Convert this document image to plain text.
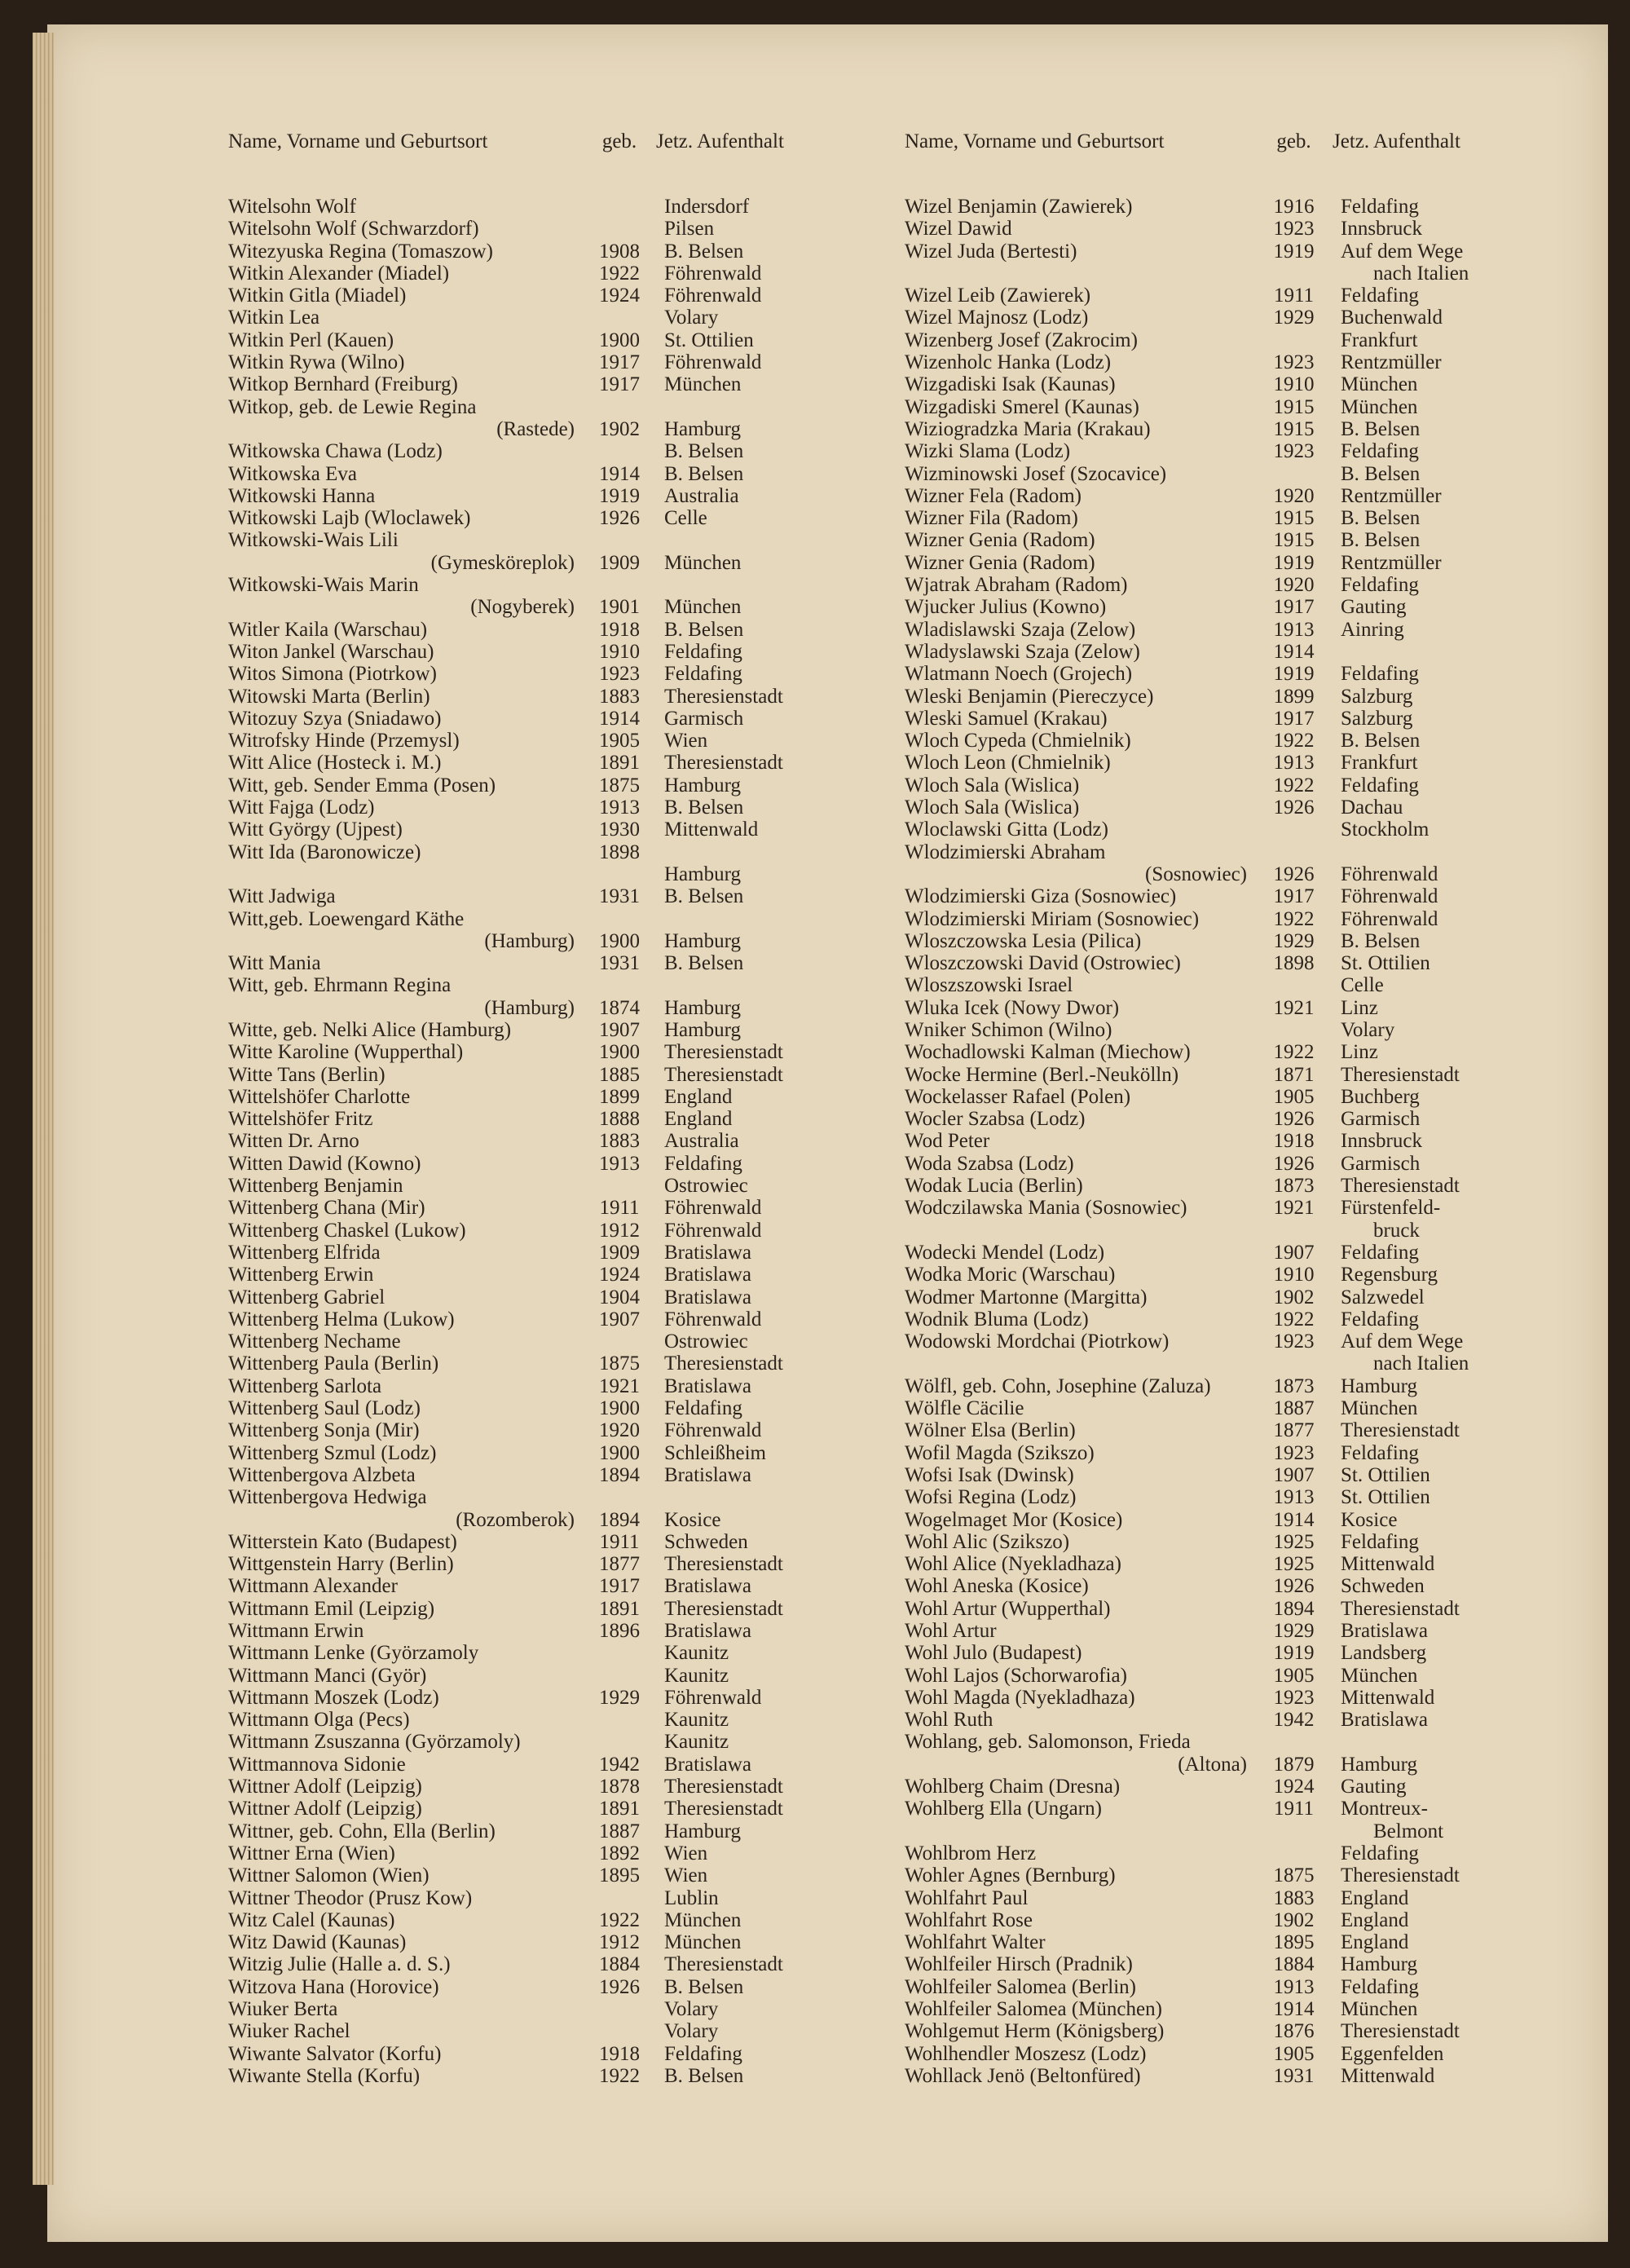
Name, Vorname und Geburtsort	geb. Jetz. Aufenthalt
Witelsohn Wolf	Indersdorf
Witelsohn Wolf (Schwarzdorf)	Pilsen
Witezyuska Regina (Tomaszow)	1908	B. Belsen
Witkin Alexander (Miadel)	1922	Föhrenwald
Witkin Gitla (Miadel)	1924	Föhrenwald
Witkin Lea	Volary
Witkin Perl (Kauen)	1900	St. Ottilien
Witkin Rywa (Wilno)	1917	Föhrenwald
Witkop Bernhard (Freiburg)	1917	München
Witkop, geb. de Lewie Regina
(Rastede)	1902	Hamburg
Witkowska Chawa (Lodz)	B. Belsen
Witkowska Eva	1914	B. Belsen
Witkowski Hanna	1919	Australia
Witkowski Lajb (Wloclawek)	1926	Celle
Witkowski-Wais Lili
(Gymesköreplok)	1909	München
Witkowski-Wais Marin
(Nogyberek)	1901	München
Witler Kaila (Warschau)	1918	B. Belsen
Witon Jankel (Warschau)	1910	Feldafing
Witos Simona (Piotrkow)	1923	Feldafing
Witowski Marta (Berlin)	1883	Theresienstadt
Witozuy Szya (Sniadawo)	1914	Garmisch
Witrofsky Hinde (Przemysl)	1905	Wien
Witt Alice (Hosteck i. M.)	1891	Theresienstadt
Witt, geb. Sender Emma (Posen)	1875	Hamburg
Witt Fajga (Lodz)	1913	B. Belsen
Witt György (Ujpest)	1930	Mittenwald
Witt Ida (Baronowicze)	1898
Hamburg
Witt Jadwiga	1931	B. Belsen
Witt,geb. Loewengard Käthe
(Hamburg)	1900	Hamburg
Witt Mania	1931	B. Belsen
Witt, geb. Ehrmann Regina
(Hamburg)	1874	Hamburg
Witte, geb. Nelki Alice (Hamburg)	1907	Hamburg
Witte Karoline (Wupperthal)	1900	Theresienstadt
Witte Tans (Berlin)	1885	Theresienstadt
Wittelshöfer Charlotte	1899	England
Wittelshöfer Fritz	1888	England
Witten Dr. Arno	1883	Australia
Witten Dawid (Kowno)	1913	Feldafing
Wittenberg Benjamin	Ostrowiec
Wittenberg Chana (Mir)	1911	Föhrenwald
Wittenberg Chaskel (Lukow)	1912	Föhrenwald
Wittenberg Elfrida	1909	Bratislawa
Wittenberg Erwin	1924	Bratislawa
Wittenberg Gabriel	1904	Bratislawa
Wittenberg Helma (Lukow)	1907	Föhrenwald
Wittenberg Nechame	Ostrowiec
Wittenberg Paula (Berlin)	1875	Theresienstadt
Wittenberg Sarlota	1921	Bratislawa
Wittenberg Saul (Lodz)	1900	Feldafing
Wittenberg Sonja (Mir)	1920	Föhrenwald
Wittenberg Szmul (Lodz)	1900	Schleißheim
Wittenbergova Alzbeta	1894	Bratislawa
Wittenbergova Hedwiga
(Rozomberok)	1894	Kosice
Witterstein Kato (Budapest)	1911	Schweden
Wittgenstein Harry (Berlin)	1877	Theresienstadt
Wittmann Alexander	1917	Bratislawa
Wittmann Emil (Leipzig)	1891	Theresienstadt
Wittmann Erwin	1896	Bratislawa
Wittmann Lenke (Györzamoly	Kaunitz
Wittmann Manci (Györ)	Kaunitz
Wittmann Moszek (Lodz)	1929	Föhrenwald
Wittmann Olga (Pecs)	Kaunitz
Wittmann Zsuszanna (Györzamoly)	Kaunitz
Wittmannova Sidonie	1942	Bratislawa
Wittner Adolf (Leipzig)	1878	Theresienstadt
Wittner Adolf (Leipzig)	1891	Theresienstadt
Wittner, geb. Cohn, Ella (Berlin)	1887	Hamburg
Wittner Erna (Wien)	1892	Wien
Wittner Salomon (Wien)	1895	Wien
Wittner Theodor (Prusz Kow)	Lublin
Witz Calel (Kaunas)	1922	München
Witz Dawid (Kaunas)	1912	München
Witzig Julie (Halle a. d. S.)	1884	Theresienstadt
Witzova Hana (Horovice)	1926	B. Belsen
Wiuker Berta	Volary
Wiuker Rachel	Volary
Wiwante Salvator (Korfu)	1918	Feldafing
Wiwante Stella (Korfu)	1922	B. Belsen
Name, Vorname und Geburtsort	geb.	Jetz. Aufenthalt
Wizel Benjamin (Zawierek)	1916	Feldafing
Wizel Dawid	1923	Innsbruck
Wizel Juda (Bertesti)	1919	Auf dem Wege
nach Italien
Wizel Leib (Zawierek)	1911	Feldafing
Wizel Majnosz (Lodz)	1929	Buchenwald
Wizenberg Josef (Zakrocim)	Frankfurt
Wizenholc Hanka (Lodz)	1923	Rentzmüller
Wizgadiski Isak (Kaunas)	1910	München
Wizgadiski Smerel (Kaunas)	1915	München
Wiziogradzka Maria (Krakau)	1915	B. Belsen
Wizki Slama (Lodz)	1923	Feldafing
Wizminowski Josef (Szocavice)	B. Belsen
Wizner Fela (Radom)	1920	Rentzmüller
Wizner Fila (Radom)	1915	B. Belsen
Wizner Genia (Radom)	1915	B. Belsen
Wizner Genia (Radom)	1919	Rentzmüller
Wjatrak Abraham (Radom)	1920	Feldafing
Wjucker Julius (Kowno)	1917	Gauting
Wladislawski Szaja (Zelow)	1913	Ainring
Wladyslawski Szaja (Zelow)	1914
Wlatmann Noech (Grojech)	1919	Feldafing
Wleski Benjamin (Piereczyce)	1899	Salzburg
Wleski Samuel (Krakau)	1917	Salzburg
Wloch Cypeda (Chmielnik)	1922	B. Belsen
Wloch Leon (Chmielnik)	1913	Frankfurt
Wloch Sala (Wislica)	1922	Feldafing
Wloch Sala (Wislica)	1926	Dachau
Wloclawski Gitta (Lodz)	Stockholm
Wlodzimierski Abraham
(Sosnowiec)	1926	Föhrenwald
Wlodzimierski Giza (Sosnowiec)	1917	Föhrenwald
Wlodzimierski Miriam (Sosnowiec)	1922	Föhrenwald
Wloszczowska Lesia (Pilica)	1929	B. Belsen
Wloszczowski David (Ostrowiec)	1898	St. Ottilien
Wloszszowski Israel	Celle
Wluka Icek (Nowy Dwor)	1921	Linz
Wniker Schimon (Wilno)	Volary
Wochadlowski Kalman (Miechow)	1922	Linz
Wocke Hermine (Berl.-Neukölln)	1871	Theresienstadt
Wockelasser Rafael (Polen)	1905	Buchberg
Wocler Szabsa (Lodz)	1926	Garmisch
Wod Peter	1918	Innsbruck
Woda Szabsa (Lodz)	1926	Garmisch
Wodak Lucia (Berlin)	1873	Theresienstadt
Wodczilawska Mania (Sosnowiec)	1921	Fürstenfeld-
bruck
Wodecki Mendel (Lodz)	1907	Feldafing
Wodka Moric (Warschau)	1910	Regensburg
Wodmer Martonne (Margitta)	1902	Salzwedel
Wodnik Bluma (Lodz)	1922	Feldafing
Wodowski Mordchai (Piotrkow)	1923	Auf dem Wege
nach Italien
Wölfl, geb. Cohn, Josephine (Zaluza)	1873	Hamburg
Wölfle Cäcilie	1887	München
Wölner Elsa (Berlin)	1877	Theresienstadt
Wofil Magda (Szikszo)	1923	Feldafing
Wofsi Isak (Dwinsk)	1907	St. Ottilien
Wofsi Regina (Lodz)	1913	St. Ottilien
Wogelmaget Mor (Kosice)	1914	Kosice
Wohl Alic (Szikszo)	1925	Feldafing
Wohl Alice (Nyekladhaza)	1925	Mittenwald
Wohl Aneska (Kosice)	1926	Schweden
Wohl Artur (Wupperthal)	1894	Theresienstadt
Wohl Artur	1929	Bratislawa
Wohl Julo (Budapest)	1919	Landsberg
Wohl Lajos (Schorwarofia)	1905	München
Wohl Magda (Nyekladhaza)	1923	Mittenwald
Wohl Ruth	1942	Bratislawa
Wohlang, geb. Salomonson, Frieda
(Altona)	1879	Hamburg
Wohlberg Chaim (Dresna)	1924	Gauting
Wohlberg Ella (Ungarn)	1911	Montreux-
Belmont
Wohlbrom Herz	Feldafing
Wohler Agnes (Bernburg)	1875	Theresienstadt
Wohlfahrt Paul	1883	England
Wohlfahrt Rose	1902	England
Wohlfahrt Walter	1895	England
Wohlfeiler Hirsch (Pradnik)	1884	Hamburg
Wohlfeiler Salomea (Berlin)	1913	Feldafing
Wohlfeiler Salomea (München)	1914	München
Wohlgemut Herm (Königsberg)	1876	Theresienstadt
Wohlhendler Moszesz (Lodz)	1905	Eggenfelden
Wohllack Jenö (Beltonfüred)	1931	Mittenwald
